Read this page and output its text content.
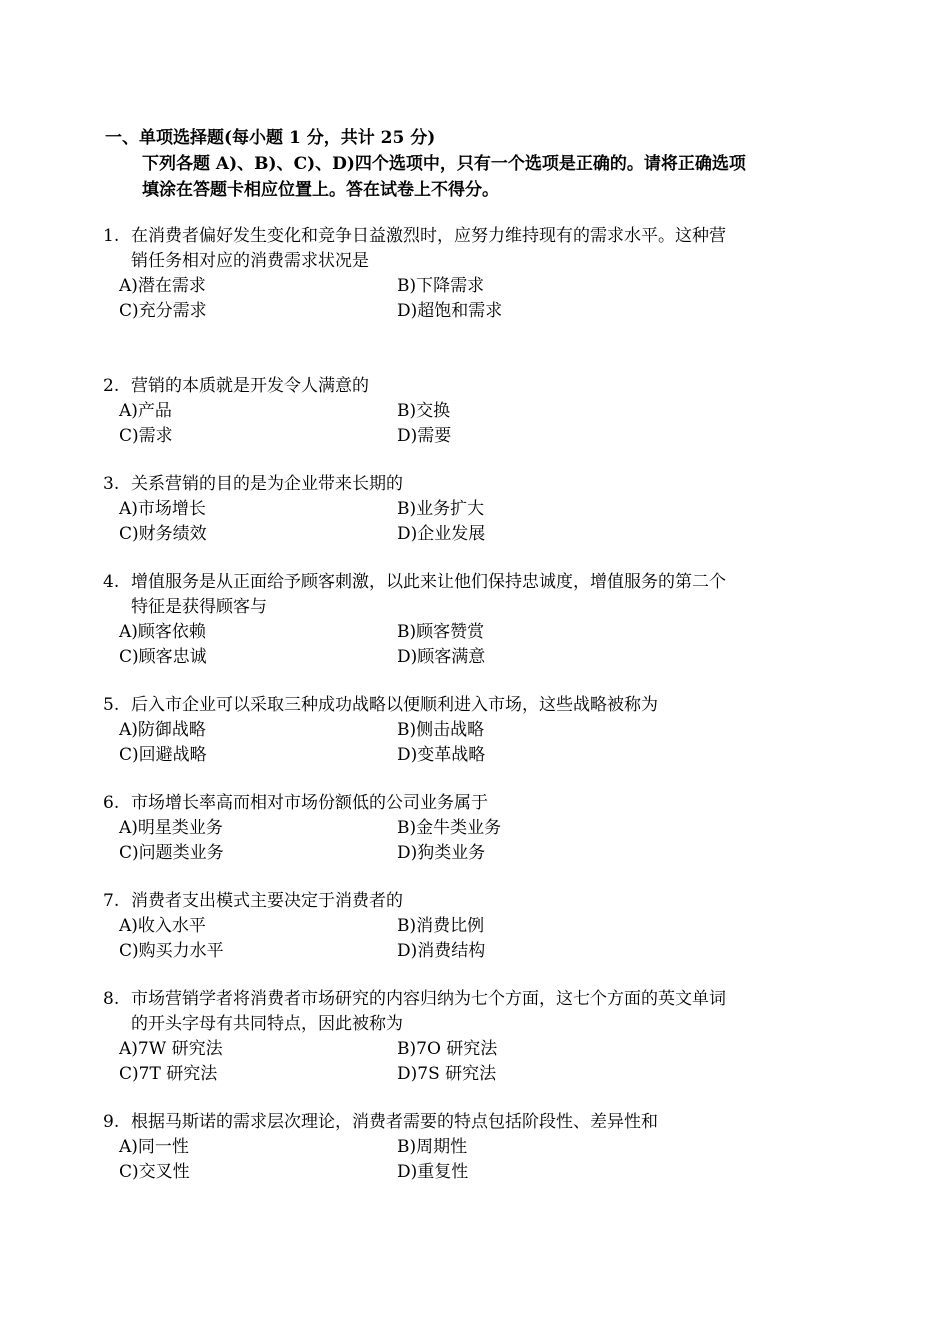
一、单项选择题(每小题 1 分，共计 25 分)
下列各题 A)、B)、C)、D)四个选项中，只有一个选项是正确的。请将正确选项
填涂在答题卡相应位置上。答在试卷上不得分。
1. 在消费者偏好发生变化和竞争日益激烈时，应努力维持现有的需求水平。这种营
销任务相对应的消费需求状况是
A)潜在需求	B)下降需求
C)充分需求	D)超饱和需求
2. 营销的本质就是开发令人满意的
A)产品	B)交换
C)需求	D)需要
3. 关系营销的目的是为企业带来长期的
A)市场增长	B)业务扩大
C)财务绩效	D)企业发展
4. 增值服务是从正面给予顾客刺激，以此来让他们保持忠诚度，增值服务的第二个
特征是获得顾客与
A)顾客依赖	B)顾客赞赏
C)顾客忠诚	D)顾客满意
5. 后入市企业可以采取三种成功战略以便顺利进入市场，这些战略被称为
A)防御战略	B)侧击战略
C)回避战略	D)变革战略
6. 市场增长率高而相对市场份额低的公司业务属于
A)明星类业务	B)金牛类业务
C)问题类业务	D)狗类业务
7. 消费者支出模式主要决定于消费者的
A)收入水平	B)消费比例
C)购买力水平	D)消费结构
8. 市场营销学者将消费者市场研究的内容归纳为七个方面，这七个方面的英文单词
的开头字母有共同特点，因此被称为
A)7W 研究法	B)7O 研究法
C)7T 研究法	D)7S 研究法
9. 根据马斯诺的需求层次理论，消费者需要的特点包括阶段性、差异性和
A)同一性	B)周期性
C)交叉性	D)重复性
